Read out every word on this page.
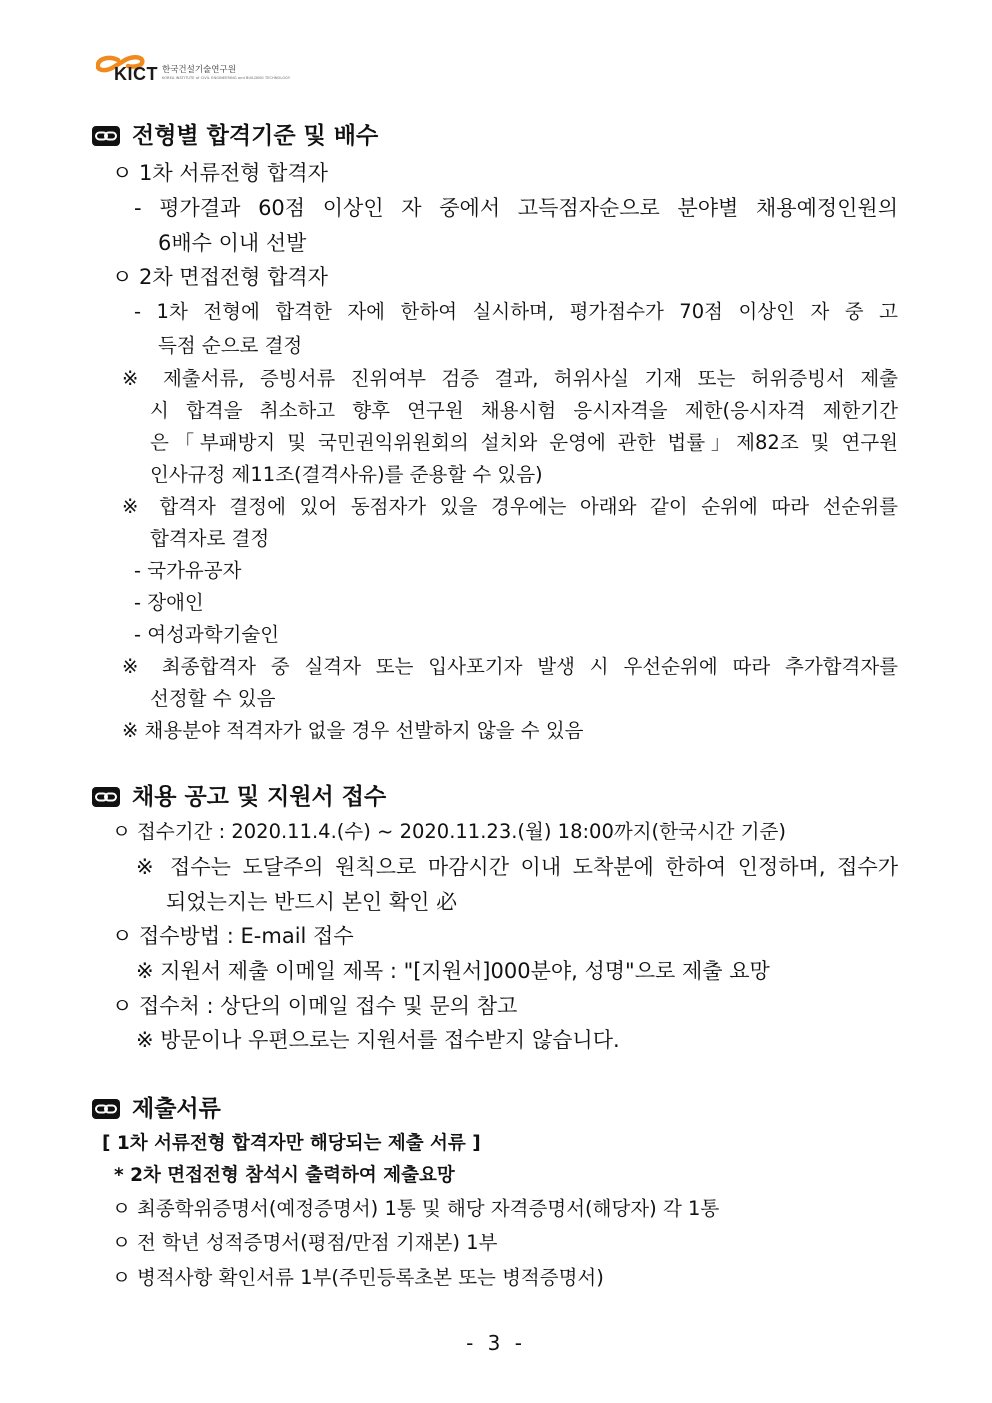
KICT 한국건설기술연구원
KOREA INSTITUTE of CIVIL ENGINEERING and BUILDING TECHNOLOGY
전형별 합격기준 및 배수
ㅇ 1차 서류전형 합격자
- 평가결과 60점 이상인 자 중에서 고득점자순으로 분야별 채용예정인원의
6배수 이내 선발
ㅇ 2차 면접전형 합격자
- 1차 전형에 합격한 자에 한하여 실시하며, 평가점수가 70점 이상인 자 중 고
득점 순으로 결정
※ 제출서류, 증빙서류 진위여부 검증 결과, 허위사실 기재 또는 허위증빙서 제출
시 합격을 취소하고 향후 연구원 채용시험 응시자격을 제한(응시자격 제한기간
은「부패방지 및 국민권익위원회의 설치와 운영에 관한 법률」제82조 및 연구원
인사규정 제11조(결격사유)를 준용할 수 있음)
※ 합격자 결정에 있어 동점자가 있을 경우에는 아래와 같이 순위에 따라 선순위를
합격자로 결정
- 국가유공자
- 장애인
- 여성과학기술인
※ 최종합격자 중 실격자 또는 입사포기자 발생 시 우선순위에 따라 추가합격자를
선정할 수 있음
※ 채용분야 적격자가 없을 경우 선발하지 않을 수 있음
채용 공고 및 지원서 접수
ㅇ 접수기간 : 2020.11.4.(수) ~ 2020.11.23.(월) 18:00까지(한국시간 기준)
※ 접수는 도달주의 원칙으로 마감시간 이내 도착분에 한하여 인정하며, 접수가
되었는지는 반드시 본인 확인 必
ㅇ 접수방법 : E-mail 접수
※ 지원서 제출 이메일 제목 : "[지원서]000분야, 성명"으로 제출 요망
ㅇ 접수처 : 상단의 이메일 접수 및 문의 참고
※ 방문이나 우편으로는 지원서를 접수받지 않습니다.
제출서류
[ 1차 서류전형 합격자만 해당되는 제출 서류 ]
* 2차 면접전형 참석시 출력하여 제출요망
ㅇ 최종학위증명서(예정증명서) 1통 및 해당 자격증명서(해당자) 각 1통
ㅇ 전 학년 성적증명서(평점/만점 기재본) 1부
ㅇ 병적사항 확인서류 1부(주민등록초본 또는 병적증명서)
- 3 -
